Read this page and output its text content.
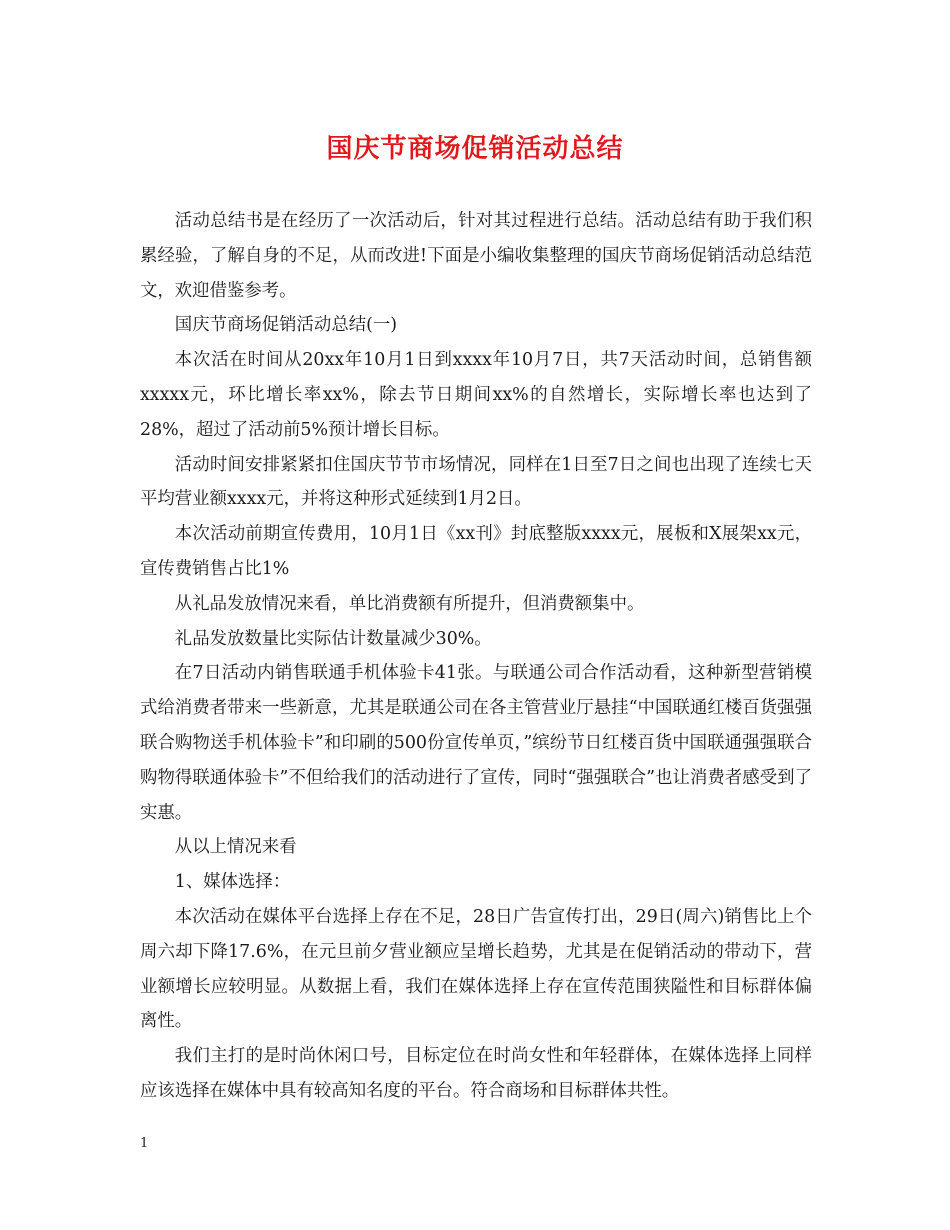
国庆节商场促销活动总结

活动总结书是在经历了一次活动后，针对其过程进行总结。活动总结有助于我们积累经验，了解自身的不足，从而改进!下面是小编收集整理的国庆节商场促销活动总结范文，欢迎借鉴参考。

国庆节商场促销活动总结(一)

本次活在时间从20xx年10月1日到xxxx年10月7日，共7天活动时间，总销售额xxxxx元，环比增长率xx%，除去节日期间xx%的自然增长，实际增长率也达到了28%，超过了活动前5%预计增长目标。

活动时间安排紧紧扣住国庆节节市场情况，同样在1日至7日之间也出现了连续七天平均营业额xxxx元，并将这种形式延续到1月2日。

本次活动前期宣传费用，10月1日《xx刊》封底整版xxxx元，展板和X展架xx元，宣传费销售占比1%

从礼品发放情况来看，单比消费额有所提升，但消费额集中。

礼品发放数量比实际估计数量减少30%。

在7日活动内销售联通手机体验卡41张。与联通公司合作活动看，这种新型营销模式给消费者带来一些新意，尤其是联通公司在各主管营业厅悬挂“中国联通红楼百货强强联合购物送手机体验卡”和印刷的500份宣传单页，”缤纷节日红楼百货中国联通强强联合购物得联通体验卡”不但给我们的活动进行了宣传，同时“强强联合”也让消费者感受到了实惠。

从以上情况来看

1、媒体选择：

本次活动在媒体平台选择上存在不足，28日广告宣传打出，29日(周六)销售比上个周六却下降17.6%，在元旦前夕营业额应呈增长趋势，尤其是在促销活动的带动下，营业额增长应较明显。从数据上看，我们在媒体选择上存在宣传范围狭隘性和目标群体偏离性。

我们主打的是时尚休闲口号，目标定位在时尚女性和年轻群体，在媒体选择上同样应该选择在媒体中具有较高知名度的平台。符合商场和目标群体共性。

1
